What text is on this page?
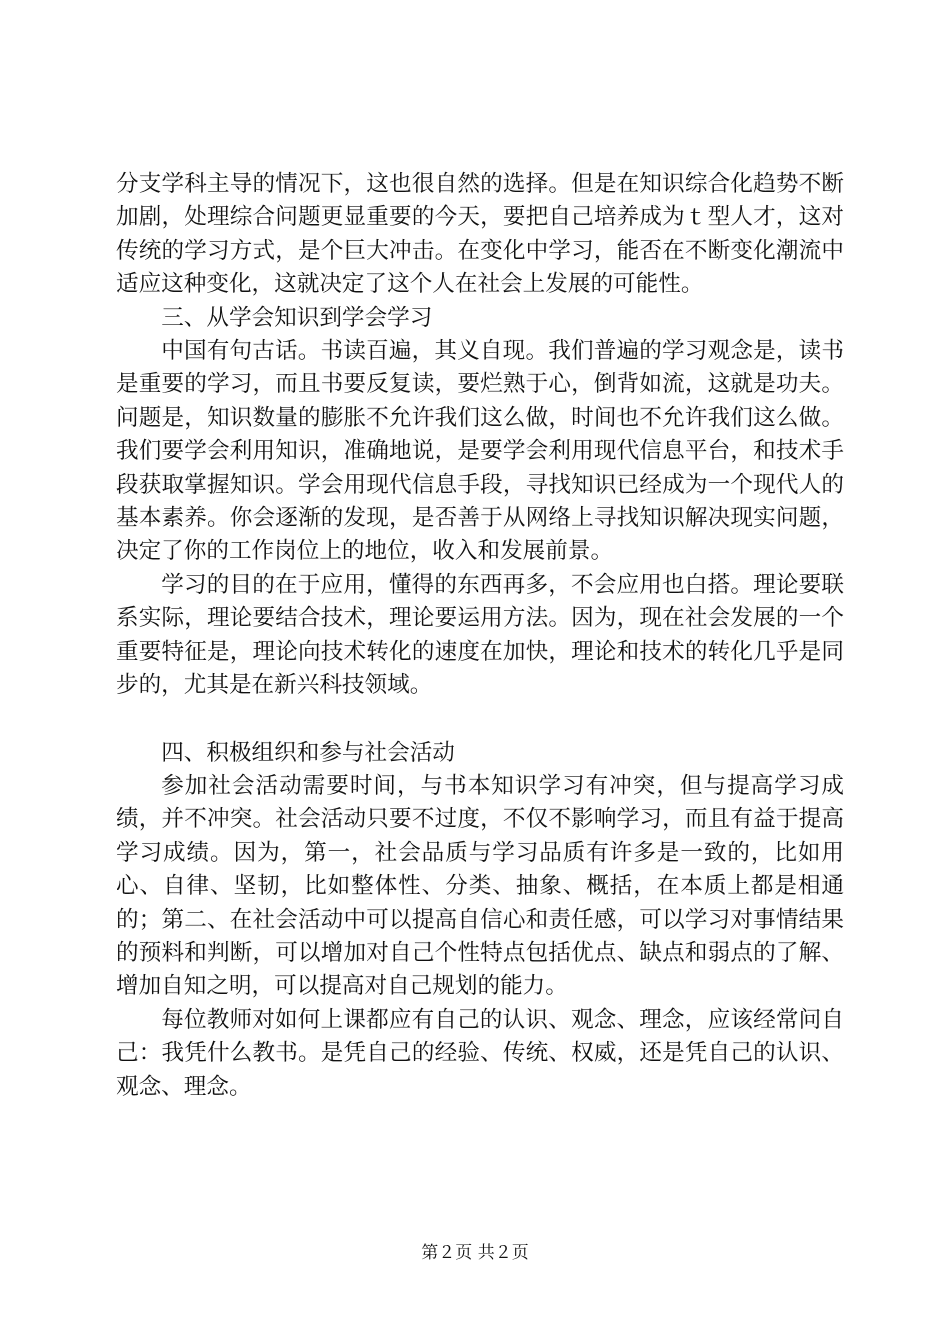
分支学科主导的情况下，这也很自然的选择。但是在知识综合化趋势不断加剧，处理综合问题更显重要的今天，要把自己培养成为ｔ型人才，这对传统的学习方式，是个巨大冲击。在变化中学习，能否在不断变化潮流中适应这种变化，这就决定了这个人在社会上发展的可能性。

三、从学会知识到学会学习

中国有句古话。书读百遍，其义自现。我们普遍的学习观念是，读书是重要的学习，而且书要反复读，要烂熟于心，倒背如流，这就是功夫。问题是，知识数量的膨胀不允许我们这么做，时间也不允许我们这么做。我们要学会利用知识，准确地说，是要学会利用现代信息平台，和技术手段获取掌握知识。学会用现代信息手段，寻找知识已经成为一个现代人的基本素养。你会逐渐的发现，是否善于从网络上寻找知识解决现实问题，决定了你的工作岗位上的地位，收入和发展前景。

学习的目的在于应用，懂得的东西再多，不会应用也白搭。理论要联系实际，理论要结合技术，理论要运用方法。因为，现在社会发展的一个重要特征是，理论向技术转化的速度在加快，理论和技术的转化几乎是同步的，尤其是在新兴科技领域。

四、积极组织和参与社会活动

参加社会活动需要时间，与书本知识学习有冲突，但与提高学习成绩，并不冲突。社会活动只要不过度，不仅不影响学习，而且有益于提高学习成绩。因为，第一，社会品质与学习品质有许多是一致的，比如用心、自律、坚韧，比如整体性、分类、抽象、概括，在本质上都是相通的；第二、在社会活动中可以提高自信心和责任感，可以学习对事情结果的预料和判断，可以增加对自己个性特点包括优点、缺点和弱点的了解、增加自知之明，可以提高对自己规划的能力。

每位教师对如何上课都应有自己的认识、观念、理念，应该经常问自己：我凭什么教书。是凭自己的经验、传统、权威，还是凭自己的认识、观念、理念。

第２页 共２页
